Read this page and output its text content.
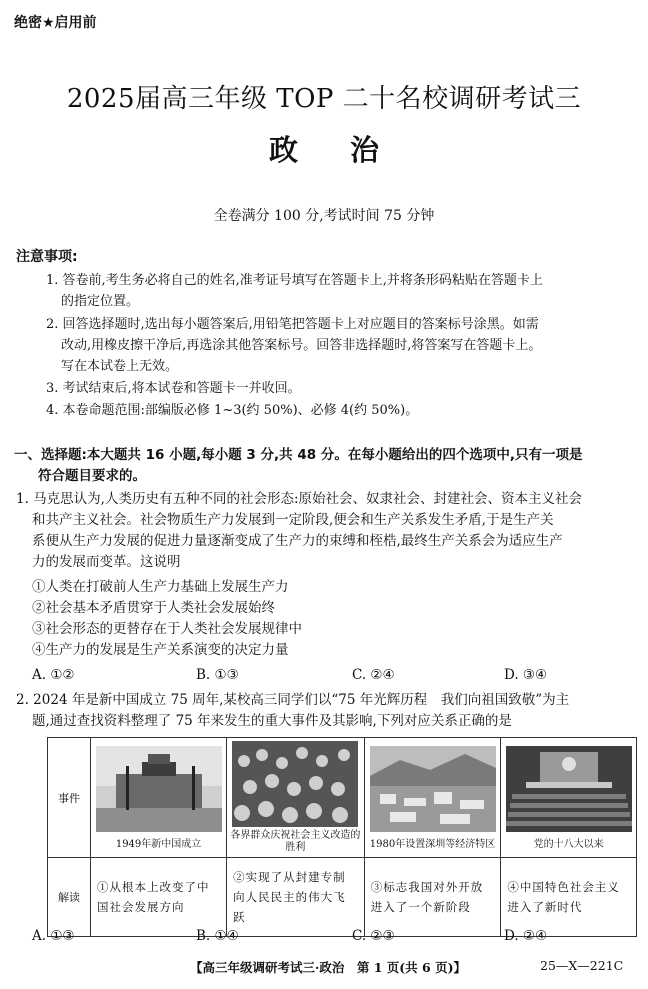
绝密★启用前
2025届高三年级 TOP 二十名校调研考试三
政 治
全卷满分 100 分,考试时间 75 分钟
注意事项:
1. 答卷前,考生务必将自己的姓名,准考证号填写在答题卡上,并将条形码粘贴在答题卡上
的指定位置。
2. 回答选择题时,选出每小题答案后,用铅笔把答题卡上对应题目的答案标号涂黑。如需
改动,用橡皮擦干净后,再选涂其他答案标号。回答非选择题时,将答案写在答题卡上。
写在本试卷上无效。
3. 考试结束后,将本试卷和答题卡一并收回。
4. 本卷命题范围:部编版必修 1~3(约 50%)、必修 4(约 50%)。
一、选择题:本大题共 16 小题,每小题 3 分,共 48 分。在每小题给出的四个选项中,只有一项是
符合题目要求的。
1. 马克思认为,人类历史有五种不同的社会形态:原始社会、奴隶社会、封建社会、资本主义社会
和共产主义社会。社会物质生产力发展到一定阶段,便会和生产关系发生矛盾,于是生产关
系便从生产力发展的促进力量逐渐变成了生产力的束缚和桎梏,最终生产关系会为适应生产
力的发展而变革。这说明
①人类在打破前人生产力基础上发展生产力
②社会基本矛盾贯穿于人类社会发展始终
③社会形态的更替存在于人类社会发展规律中
④生产力的发展是生产关系演变的决定力量
A. ①②	B. ①③	C. ②④	D. ③④
2. 2024 年是新中国成立 75 周年,某校高三同学们以“75 年光辉历程　我们向祖国致敬”为主
题,通过查找资料整理了 75 年来发生的重大事件及其影响,下列对应关系正确的是
事件	1949年新中国成立	各界群众庆祝社会主义改造的胜利	1980年设置深圳等经济特区	党的十八大以来

解读	①从根本上改变了中国社会发展方向	②实现了从封建专制向人民民主的伟大飞跃	③标志我国对外开放进入了一个新阶段	④中国特色社会主义进入了新时代
A. ①③	B. ①④	C. ②③	D. ②④
【高三年级调研考试三·政治　第 1 页(共 6 页)】	25—X—221C
